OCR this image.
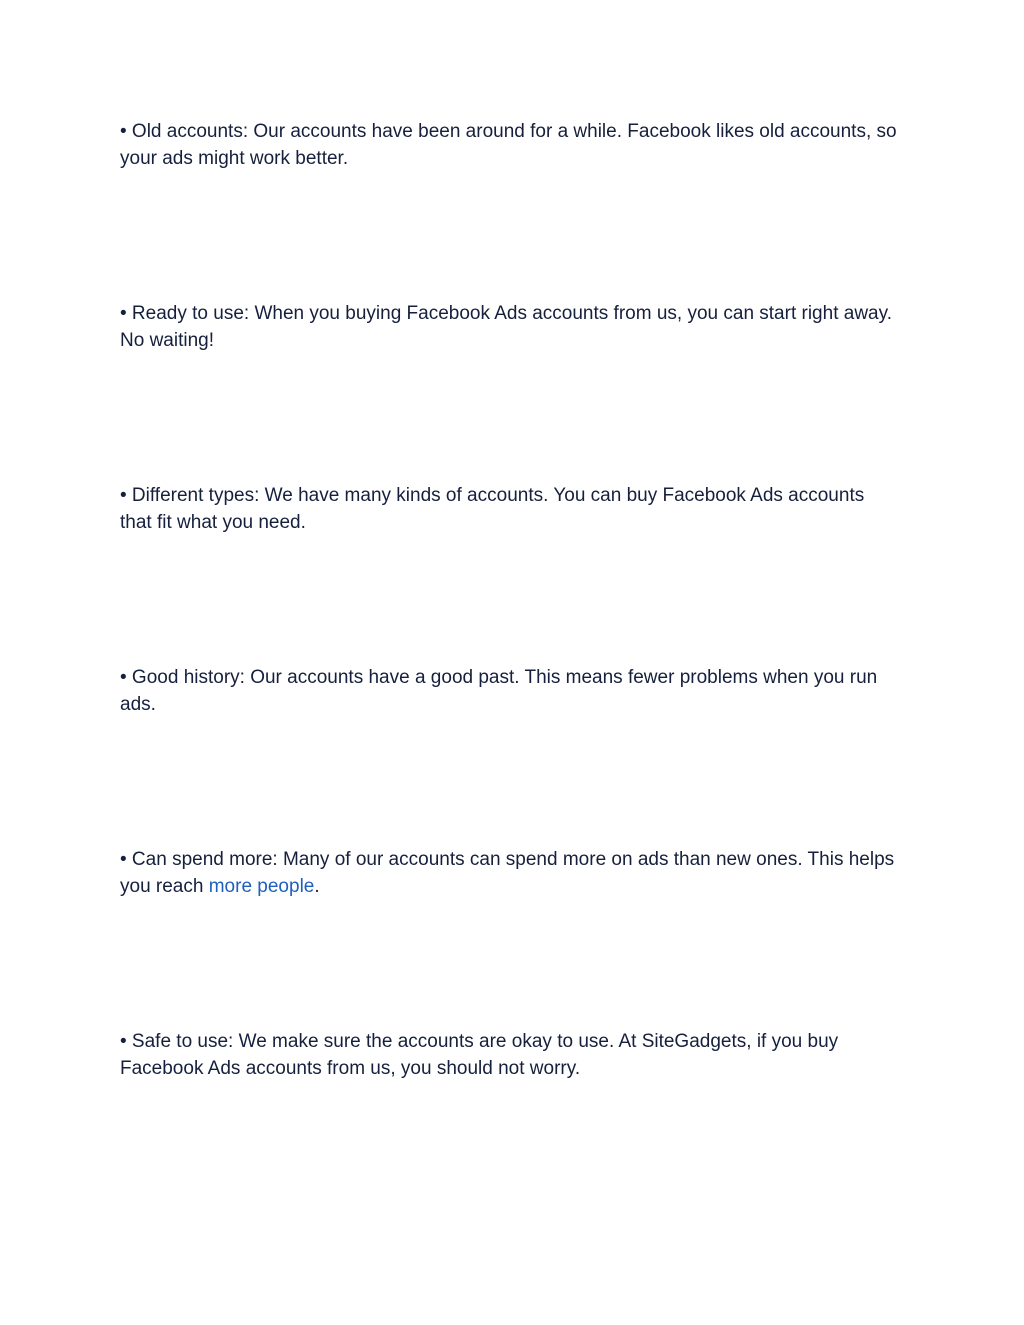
• Old accounts: Our accounts have been around for a while. Facebook likes old accounts, so your ads might work better.

• Ready to use: When you buying Facebook Ads accounts from us, you can start right away. No waiting!

• Different types: We have many kinds of accounts. You can buy Facebook Ads accounts that fit what you need.

• Good history: Our accounts have a good past. This means fewer problems when you run ads.

• Can spend more: Many of our accounts can spend more on ads than new ones. This helps you reach more people.

• Safe to use: We make sure the accounts are okay to use. At SiteGadgets, if you buy Facebook Ads accounts from us, you should not worry.
